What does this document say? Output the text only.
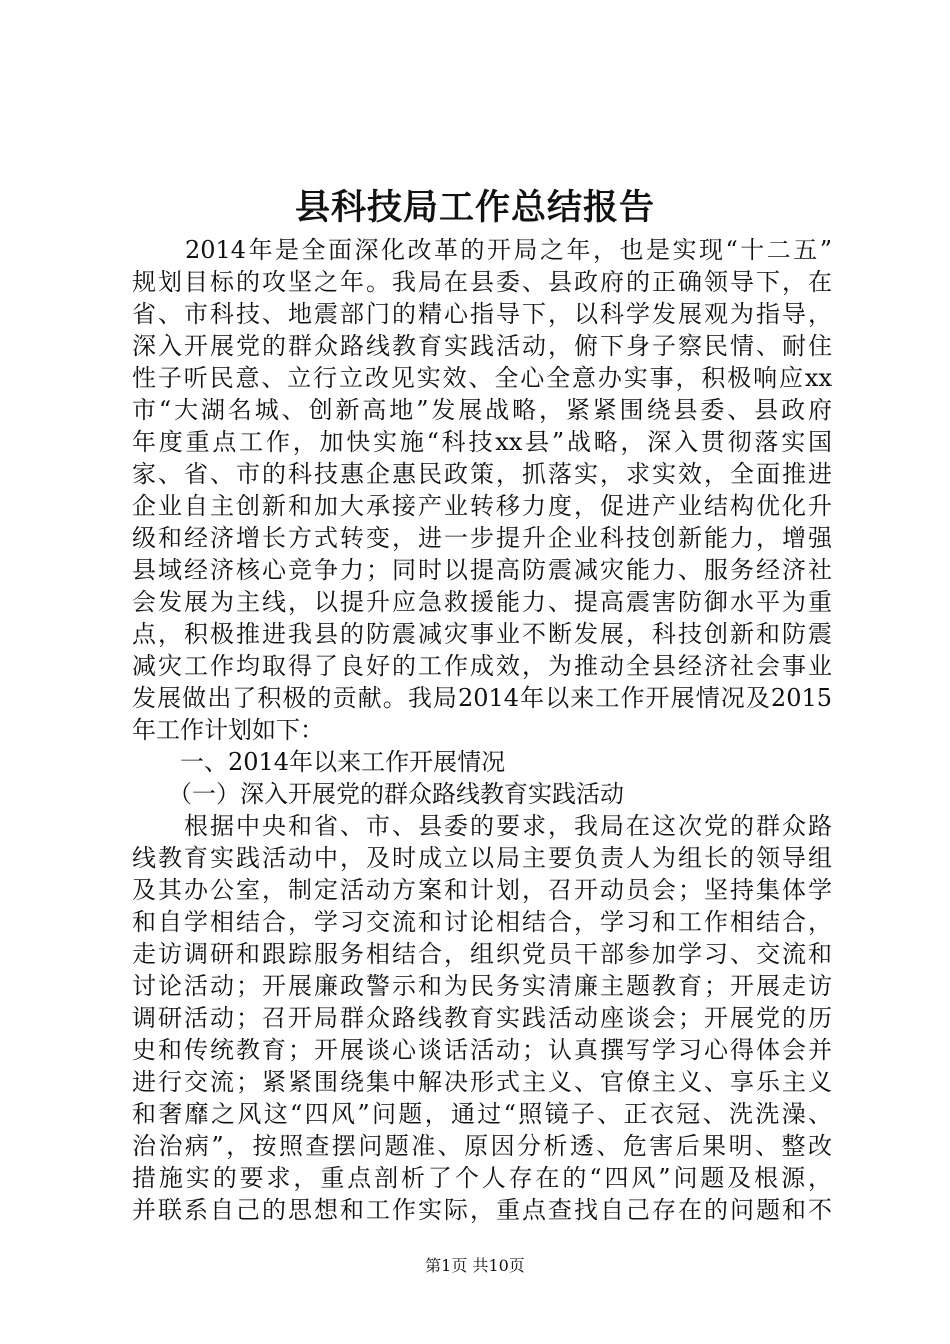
县科技局工作总结报告
　　2014年是全面深化改革的开局之年，也是实现“十二五”
规划目标的攻坚之年。我局在县委、县政府的正确领导下，在
省、市科技、地震部门的精心指导下，以科学发展观为指导，
深入开展党的群众路线教育实践活动，俯下身子察民情、耐住
性子听民意、立行立改见实效、全心全意办实事，积极响应xx
市“大湖名城、创新高地”发展战略，紧紧围绕县委、县政府
年度重点工作，加快实施“科技xx县”战略，深入贯彻落实国
家、省、市的科技惠企惠民政策，抓落实，求实效，全面推进
企业自主创新和加大承接产业转移力度，促进产业结构优化升
级和经济增长方式转变，进一步提升企业科技创新能力，增强
县域经济核心竞争力；同时以提高防震减灾能力、服务经济社
会发展为主线，以提升应急救援能力、提高震害防御水平为重
点，积极推进我县的防震减灾事业不断发展，科技创新和防震
减灾工作均取得了良好的工作成效，为推动全县经济社会事业
发展做出了积极的贡献。我局2014年以来工作开展情况及2015
年工作计划如下：
　　一、2014年以来工作开展情况
　　（一）深入开展党的群众路线教育实践活动
　　根据中央和省、市、县委的要求，我局在这次党的群众路
线教育实践活动中，及时成立以局主要负责人为组长的领导组
及其办公室，制定活动方案和计划，召开动员会；坚持集体学
和自学相结合，学习交流和讨论相结合，学习和工作相结合，
走访调研和跟踪服务相结合，组织党员干部参加学习、交流和
讨论活动；开展廉政警示和为民务实清廉主题教育；开展走访
调研活动；召开局群众路线教育实践活动座谈会；开展党的历
史和传统教育；开展谈心谈话活动；认真撰写学习心得体会并
进行交流；紧紧围绕集中解决形式主义、官僚主义、享乐主义
和奢靡之风这“四风”问题，通过“照镜子、正衣冠、洗洗澡、
治治病”，按照查摆问题准、原因分析透、危害后果明、整改
措施实的要求，重点剖析了个人存在的“四风”问题及根源，
并联系自己的思想和工作实际，重点查找自己存在的问题和不
第1页 共10页
